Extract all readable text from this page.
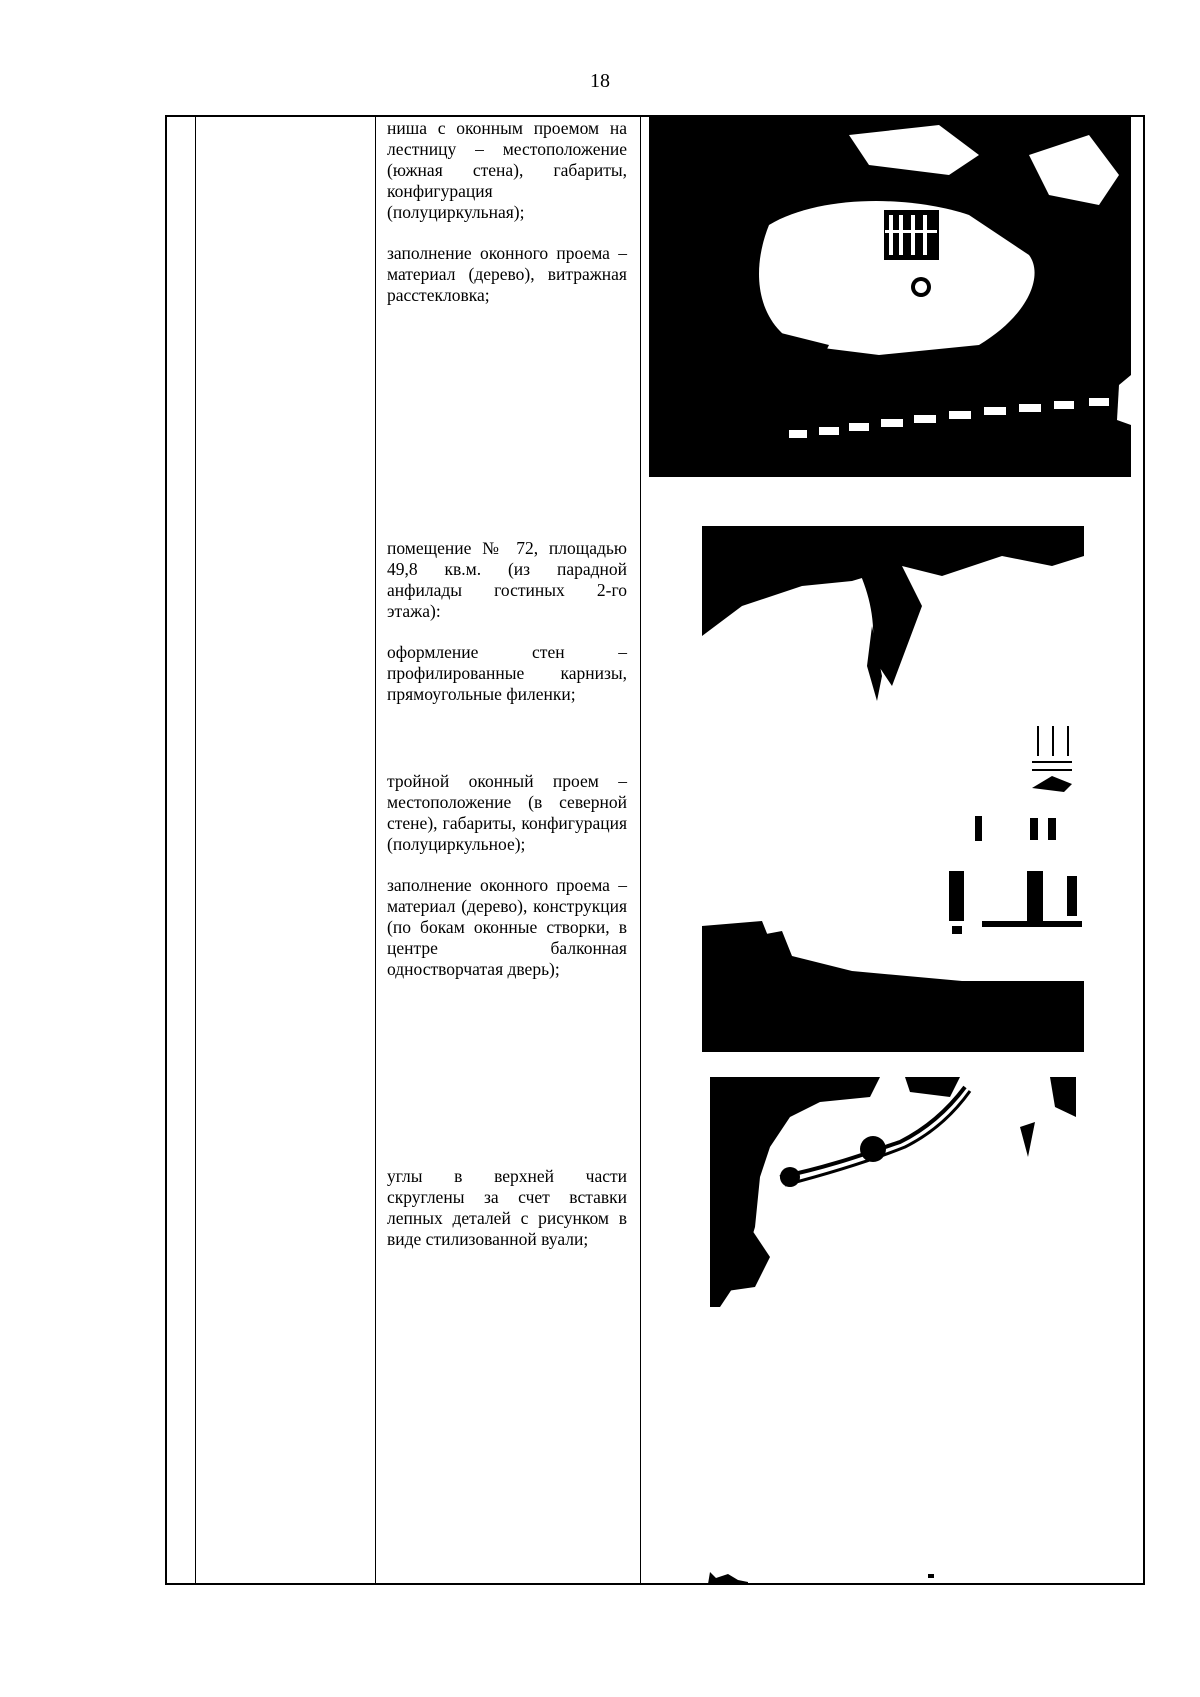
18

ниша с оконным проемом на лестницу – местоположение (южная стена), габариты, конфигурация (полуциркульная);

заполнение оконного проема – материал (дерево), витражная расстекловка;

помещение № 72, площадью 49,8 кв.м. (из парадной анфилады гостиных 2-го этажа):

оформление стен – профилированные карнизы, прямоугольные филенки;

тройной оконный проем – местоположение (в северной стене), габариты, конфигурация (полуциркульное);

заполнение оконного проема – материал (дерево), конструкция (по бокам оконные створки, в центре балконная одностворчатая дверь);

углы в верхней части скруглены за счет вставки лепных деталей с рисунком в виде стилизованной вуали;
